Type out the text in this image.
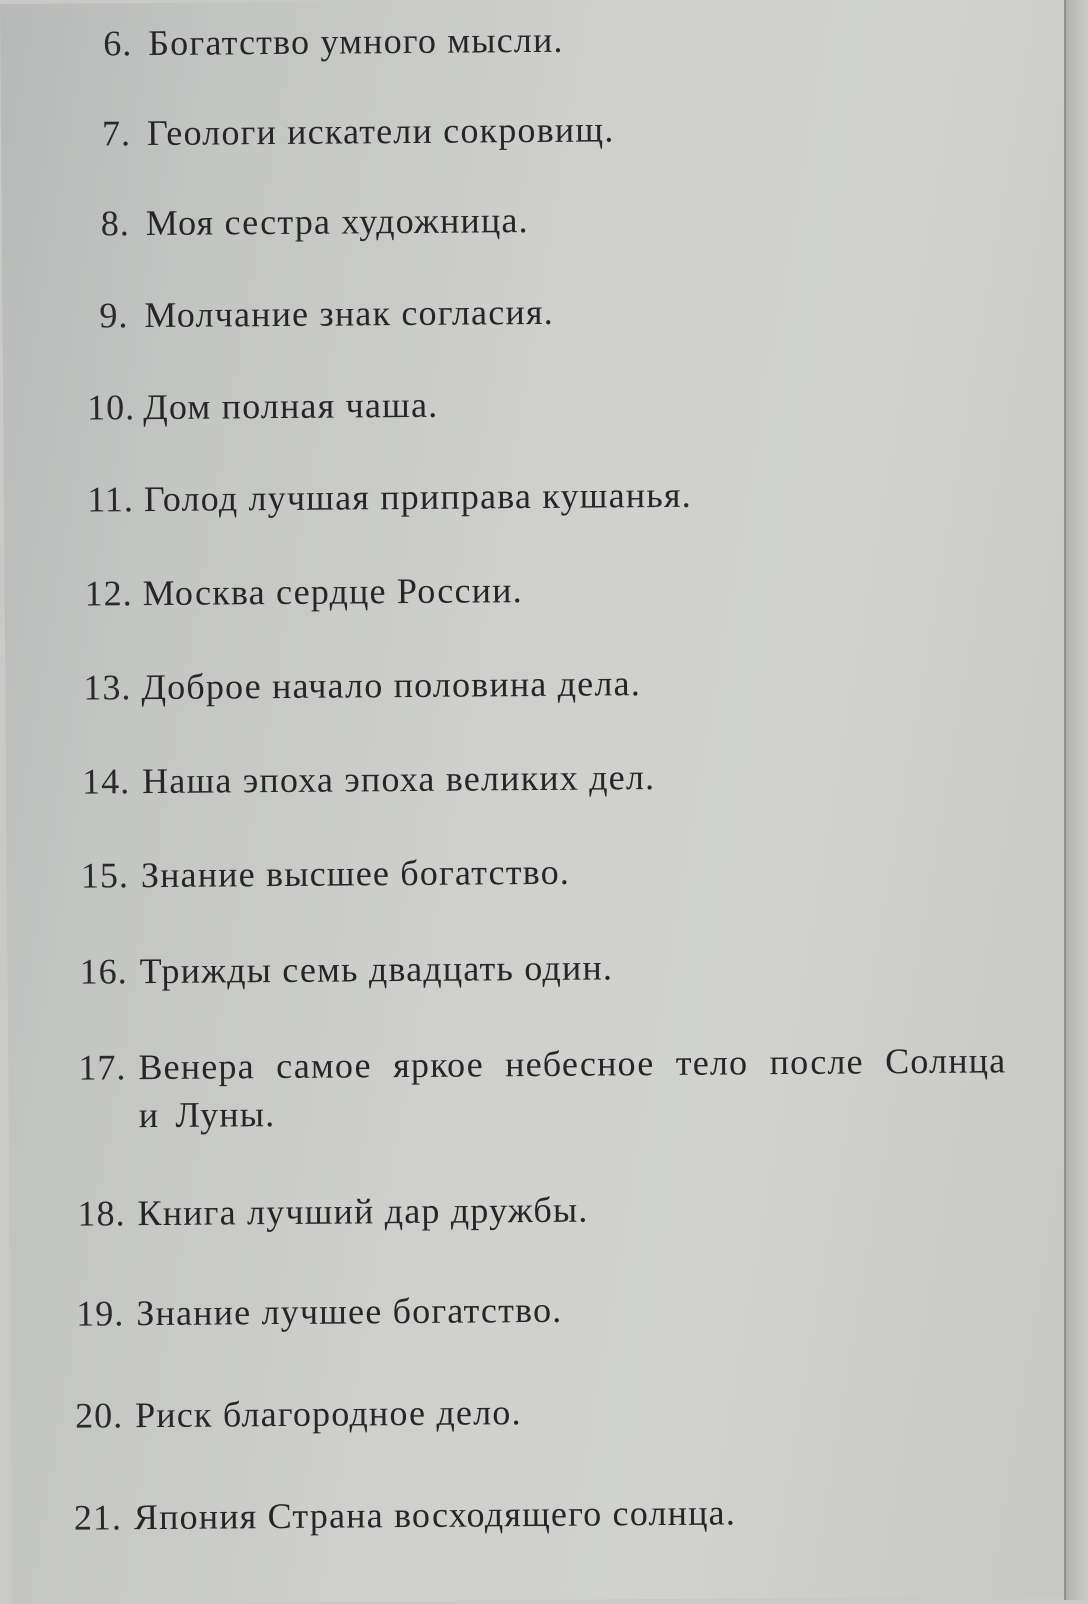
6. Богатство умного мысли.
7. Геологи искатели сокровищ.
8. Моя сестра художница.
9. Молчание знак согласия.
10. Дом полная чаша.
11. Голод лучшая приправа кушанья.
12. Москва сердце России.
13. Доброе начало половина дела.
14. Наша эпоха эпоха великих дел.
15. Знание высшее богатство.
16. Трижды семь двадцать один.
17. Венера самое яркое небесное тело после Солнца и Луны.
18. Книга лучший дар дружбы.
19. Знание лучшее богатство.
20. Риск благородное дело.
21. Япония Страна восходящего солнца.
